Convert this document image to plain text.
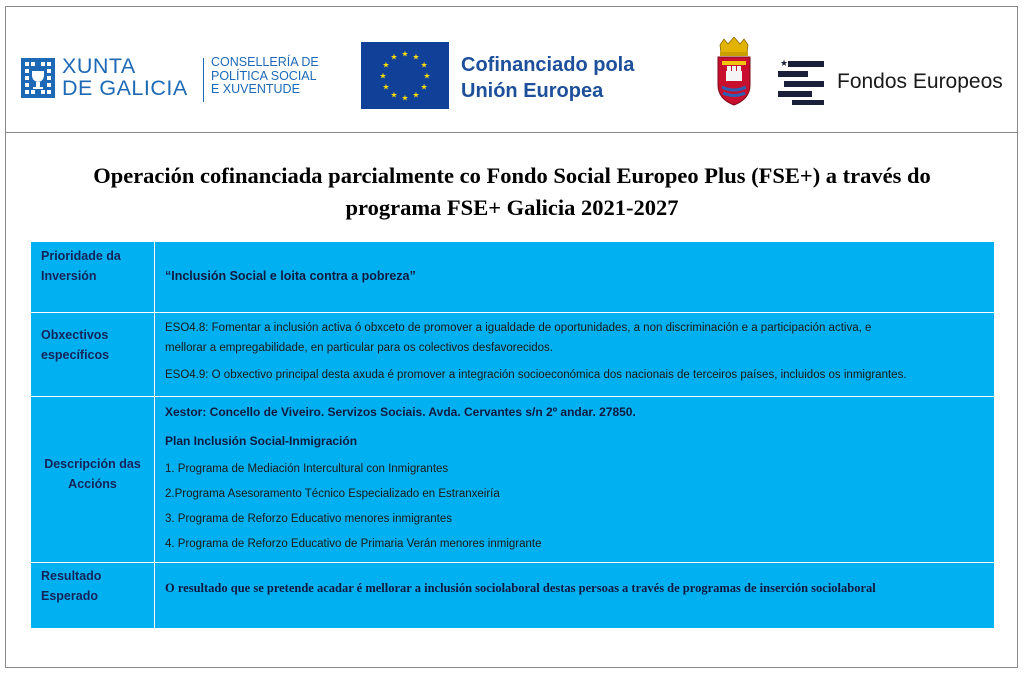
XUNTA
DE GALICIA
CONSELLERÍA DE
POLÍTICA SOCIAL
E XUVENTUDE
★ ★
★
★
★
★
★
★
★
★
★
★	Cofinanciado pola
Unión Europea
★
Fondos Europeos
Operación cofinanciada parcialmente co Fondo Social Europeo Plus (FSE+) a través do
programa FSE+ Galicia 2021-2027
Prioridade da
Inversión	“Inclusión Social e loita contra a pobreza”
Obxectivos
específicos
ESO4.8: Fomentar a inclusión activa ó obxceto de promover a igualdade de oportunidades, a non discriminación e a participación activa, e
mellorar a empregabilidade, en particular para os colectivos desfavorecidos.
ESO4.9: O obxectivo principal desta axuda é promover a integración socioeconómica dos nacionais de terceiros países, incluidos os inmigrantes.
Descripción das
Accións
Xestor: Concello de Viveiro. Servizos Sociais. Avda. Cervantes s/n 2º andar. 27850.
Plan Inclusión Social-Inmigración
1. Programa de Mediación Intercultural con Inmigrantes
2.Programa Asesoramento Técnico Especializado en Estranxeiría
3. Programa de Reforzo Educativo menores inmigrantes
4. Programa de Reforzo Educativo de Primaria Verán menores inmigrante
Resultado
Esperado
O resultado que se pretende acadar é mellorar a inclusión sociolaboral destas persoas a través de programas de inserción sociolaboral
